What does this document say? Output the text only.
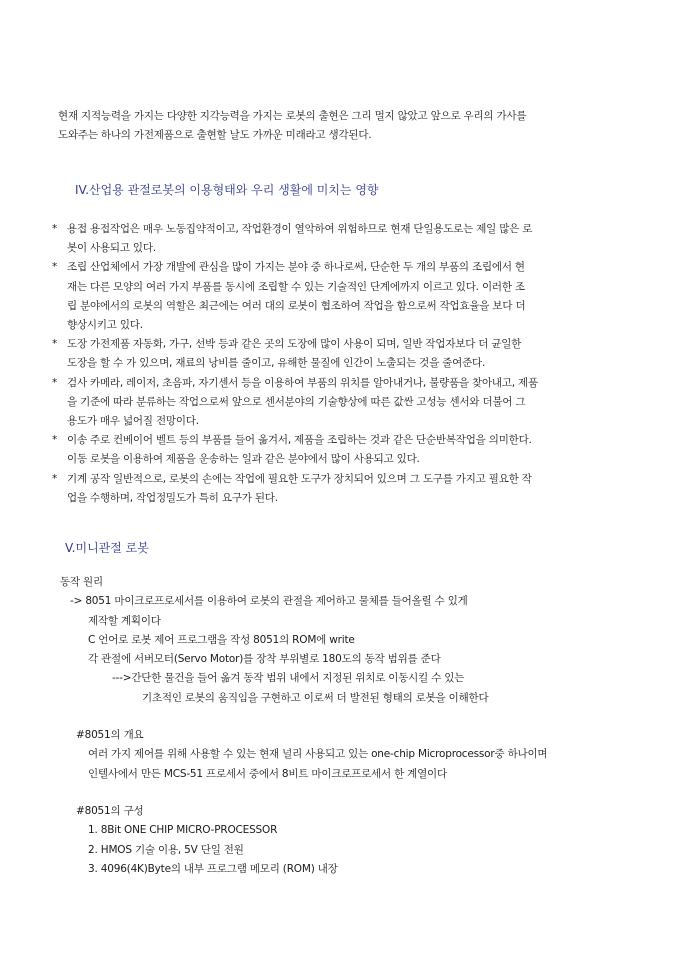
현재 지적능력을 가지는 다양한 지각능력을 가지는 로봇의 출현은 그리 멀지 않았고 앞으로 우리의 가사를
도와주는 하나의 가전제품으로 출현할 날도 가까운 미래라고 생각된다.
IV.산업용 관절로봇의 이용형태와 우리 생활에 미치는 영향
* 용접 용접작업은 매우 노동집약적이고, 작업환경이 열악하여 위험하므로 현재 단일용도로는 제일 많은 로
봇이 사용되고 있다.
* 조립 산업체에서 가장 개발에 관심을 많이 가지는 분야 중 하나로써, 단순한 두 개의 부품의 조립에서 현
재는 다른 모양의 여러 가지 부품를 동시에 조립할 수 있는 기술적인 단계에까지 이르고 있다. 이러한 조
립 분야에서의 로봇의 역할은 최근에는 여러 대의 로봇이 협조하여 작업을 함으로써 작업효율을 보다 더
향상시키고 있다.
* 도장 가전제품 자동화, 가구, 선박 등과 같은 곳의 도장에 많이 사용이 되며, 일반 작업자보다 더 균일한
도장을 할 수 가 있으며, 재료의 낭비를 줄이고, 유해한 물질에 인간이 노출되는 것을 줄여준다.
* 검사 카메라, 레이저, 초음파, 자기센서 등을 이용하여 부품의 위치를 알아내거나, 불량품을 찾아내고, 제품
을 기준에 따라 분류하는 작업으로써 앞으로 센서분야의 기술향상에 따른 값싼 고성능 센서와 더불어 그
용도가 매우 넓어질 전망이다.
* 이송 주로 컨베이어 벨트 등의 부품를 들어 옮겨서, 제품을 조립하는 것과 같은 단순반복작업을 의미한다.
이동 로봇을 이용하여 제품을 운송하는 일과 같은 분야에서 많이 사용되고 있다.
* 기계 공작 일반적으로, 로봇의 손에는 작업에 필요한 도구가 장치되어 있으며 그 도구를 가지고 필요한 작
업을 수행하며, 작업정밀도가 특히 요구가 된다.
V.미니관절 로봇
동작 원리
-> 8051 마이크로프로세서를 이용하여 로봇의 관절을 제어하고 물체를 들어올릴 수 있게
제작할 계획이다
C 언어로 로봇 제어 프로그램을 작성 8051의 ROM에 write
각 관절에 서버모터(Servo Motor)를 장착 부위별로 180도의 동작 범위를 준다
--->간단한 물건을 들어 옮겨 동작 범위 내에서 지정된 위치로 이동시킬 수 있는
기초적인 로봇의 움직임을 구현하고 이로써 더 발전된 형태의 로봇을 이해한다
#8051의 개요
여러 가지 제어를 위해 사용할 수 있는 현재 널리 사용되고 있는 one-chip Microprocessor중 하나이며
인텔사에서 만든 MCS-51 프로세서 중에서 8비트 마이크로프로세서 한 계열이다
#8051의 구성
1. 8Bit ONE CHIP MICRO-PROCESSOR
2. HMOS 기술 이용, 5V 단일 전원
3. 4096(4K)Byte의 내부 프로그램 메모리 (ROM) 내장
